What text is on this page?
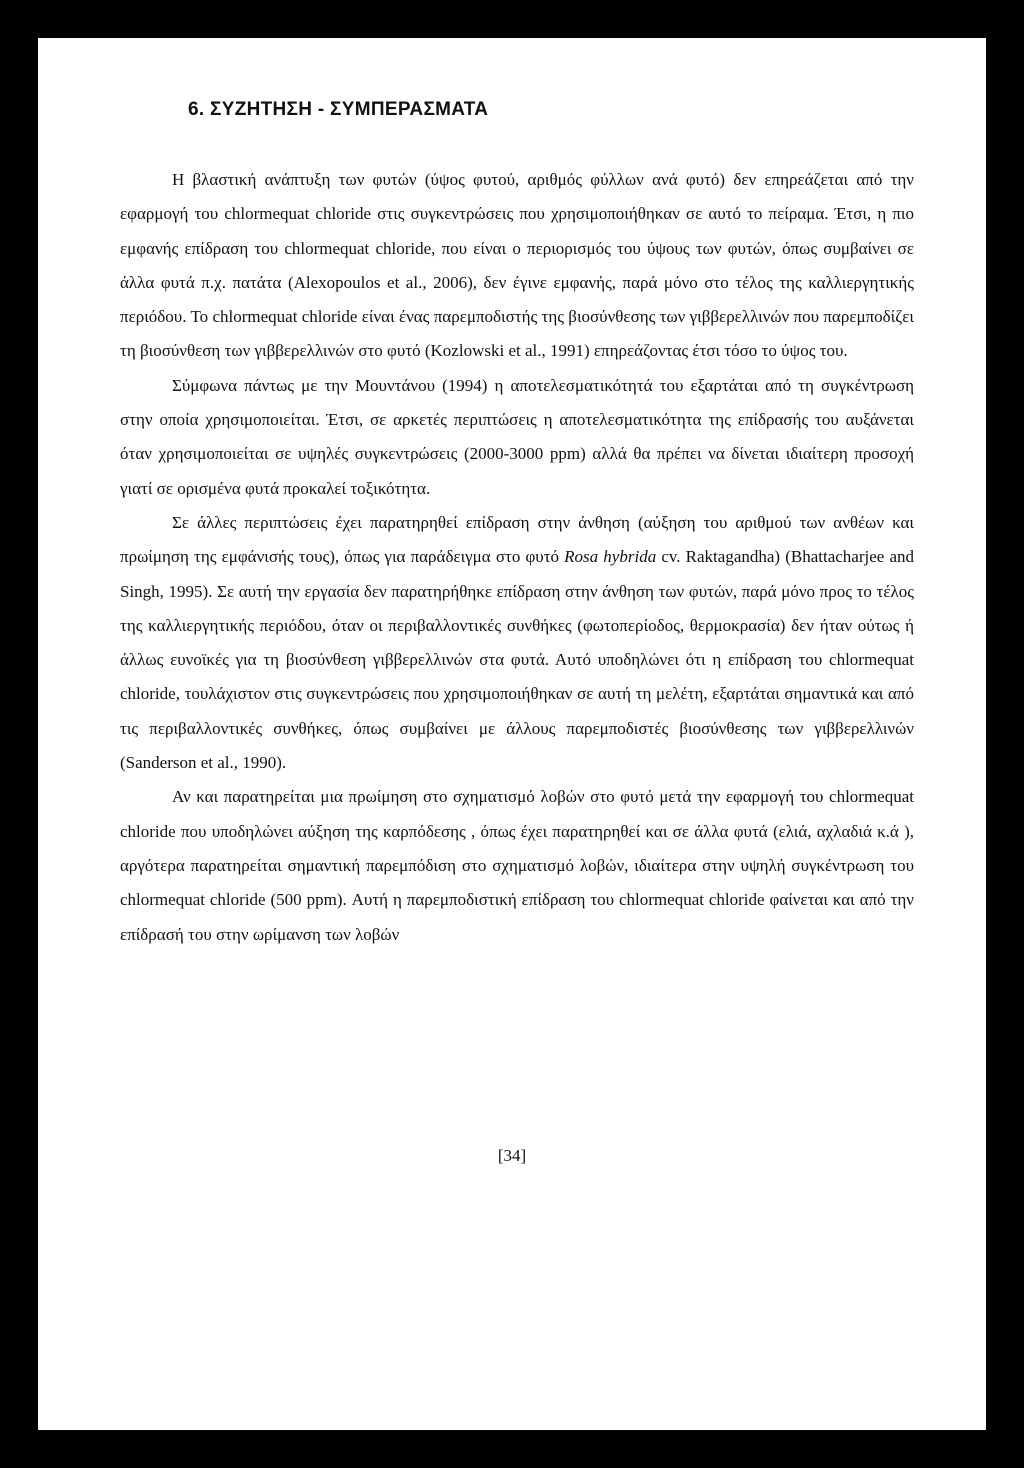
6. ΣΥΖΗΤΗΣΗ - ΣΥΜΠΕΡΑΣΜΑΤΑ

Η βλαστική ανάπτυξη των φυτών (ύψος φυτού, αριθμός φύλλων ανά φυτό) δεν επηρεάζεται από την εφαρμογή του chlormequat chloride στις συγκεντρώσεις που χρησιμοποιήθηκαν σε αυτό το πείραμα. Έτσι, η πιο εμφανής επίδραση του chlormequat chloride, που είναι ο περιορισμός του ύψους των φυτών, όπως συμβαίνει σε άλλα φυτά π.χ. πατάτα (Alexopoulos et al., 2006), δεν έγινε εμφανής, παρά μόνο στο τέλος της καλλιεργητικής περιόδου. Το chlormequat chloride είναι ένας παρεμποδιστής της βιοσύνθεσης των γιββερελλινών που παρεμποδίζει τη βιοσύνθεση των γιββερελλινών στο φυτό (Kozlowski et al., 1991) επηρεάζοντας έτσι τόσο το ύψος του.

Σύμφωνα πάντως με την Μουντάνου (1994) η αποτελεσματικότητά του εξαρτάται από τη συγκέντρωση στην οποία χρησιμοποιείται. Έτσι, σε αρκετές περιπτώσεις η αποτελεσματικότητα της επίδρασής του αυξάνεται όταν χρησιμοποιείται σε υψηλές συγκεντρώσεις (2000-3000 ppm) αλλά θα πρέπει να δίνεται ιδιαίτερη προσοχή γιατί σε ορισμένα φυτά προκαλεί τοξικότητα.

Σε άλλες περιπτώσεις έχει παρατηρηθεί επίδραση στην άνθηση (αύξηση του αριθμού των ανθέων και πρωίμηση της εμφάνισής τους), όπως για παράδειγμα στο φυτό Rosa hybrida cv. Raktagandha) (Bhattacharjee and Singh, 1995). Σε αυτή την εργασία δεν παρατηρήθηκε επίδραση στην άνθηση των φυτών, παρά μόνο προς το τέλος της καλλιεργητικής περιόδου, όταν οι περιβαλλοντικές συνθήκες (φωτοπερίοδος, θερμοκρασία) δεν ήταν ούτως ή άλλως ευνοϊκές για τη βιοσύνθεση γιββερελλινών στα φυτά. Αυτό υποδηλώνει ότι η επίδραση του chlormequat chloride, τουλάχιστον στις συγκεντρώσεις που χρησιμοποιήθηκαν σε αυτή τη μελέτη, εξαρτάται σημαντικά και από τις περιβαλλοντικές συνθήκες, όπως συμβαίνει με άλλους παρεμποδιστές βιοσύνθεσης των γιββερελλινών (Sanderson et al., 1990).

Αν και παρατηρείται μια πρωίμηση στο σχηματισμό λοβών στο φυτό μετά την εφαρμογή του chlormequat chloride που υποδηλώνει αύξηση της καρπόδεσης , όπως έχει παρατηρηθεί και σε άλλα φυτά (ελιά, αχλαδιά κ.ά ), αργότερα παρατηρείται σημαντική παρεμπόδιση στο σχηματισμό λοβών, ιδιαίτερα στην υψηλή συγκέντρωση του chlormequat chloride (500 ppm). Αυτή η παρεμποδιστική επίδραση του chlormequat chloride φαίνεται και από την επίδρασή του στην ωρίμανση των λοβών

[34]
